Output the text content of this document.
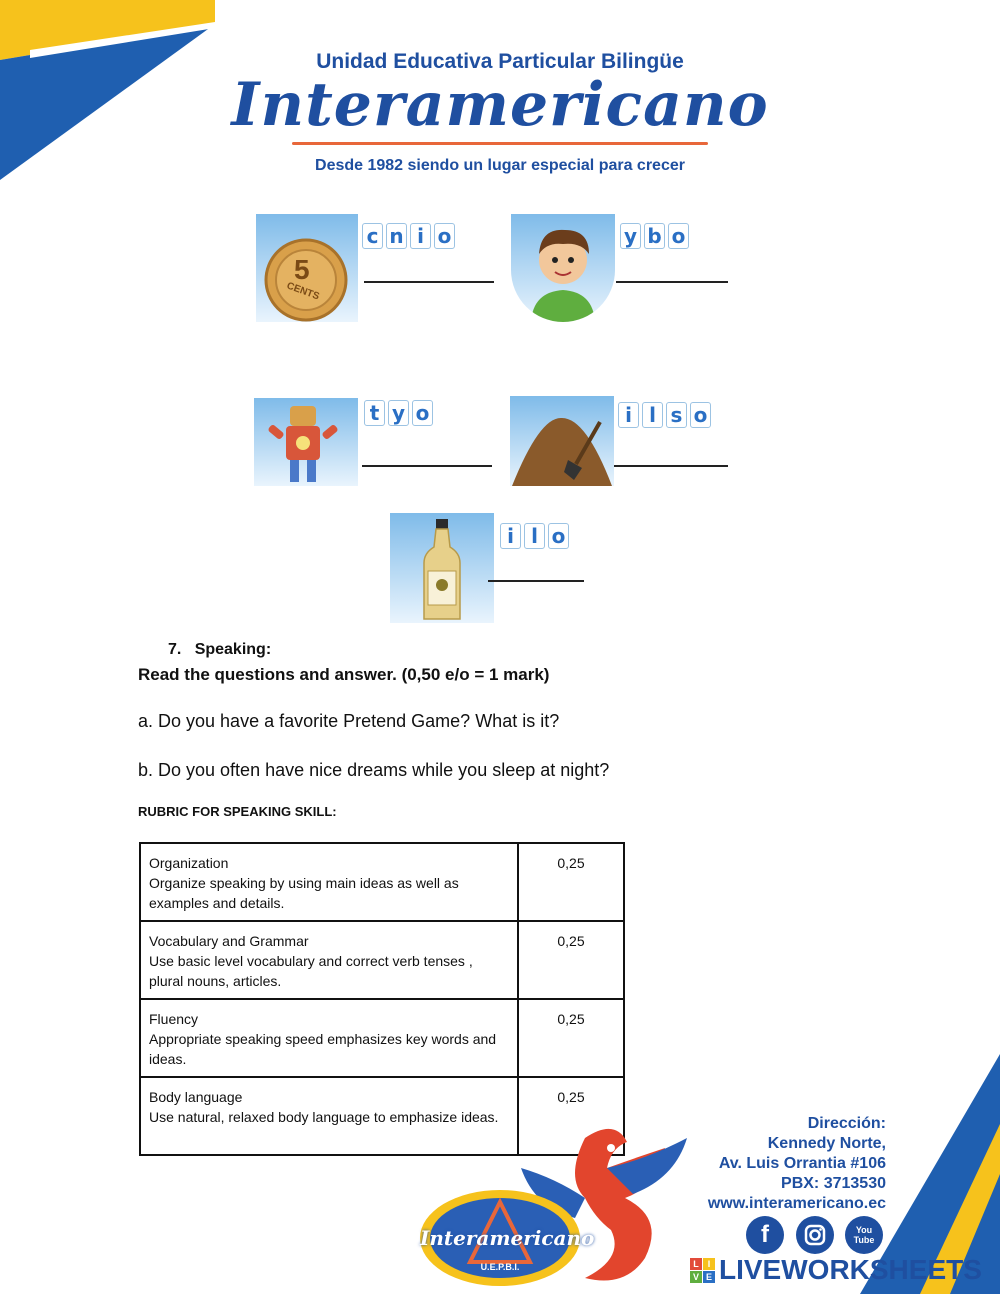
Unidad Educativa Particular Bilingüe
Interamericano
Desde 1982 siendo un lugar especial para crecer
5
CENTS
c n i o	y b o
t y o	i l s o
i l o
7. Speaking:
Read the questions and answer. (0,50 e/o = 1 mark)
a. Do you have a favorite Pretend Game? What is it?
b. Do you often have nice dreams while you sleep at night?
RUBRIC FOR SPEAKING SKILL:
Organization
Organize speaking by using main ideas as well as examples and details.	0,25

Vocabulary and Grammar
Use basic level vocabulary and correct verb tenses , plural nouns, articles.	0,25

Fluency
Appropriate speaking speed emphasizes key words and ideas.	0,25

Body language
Use natural, relaxed body language to emphasize ideas.	0,25
Interamericano
U.E.P.B.I.
Dirección:
Kennedy Norte,
Av. Luis Orrantia #106
PBX: 3713530
www.interamericano.ec
f	You Tube
L I
V E LIVEWORKSHEETS
